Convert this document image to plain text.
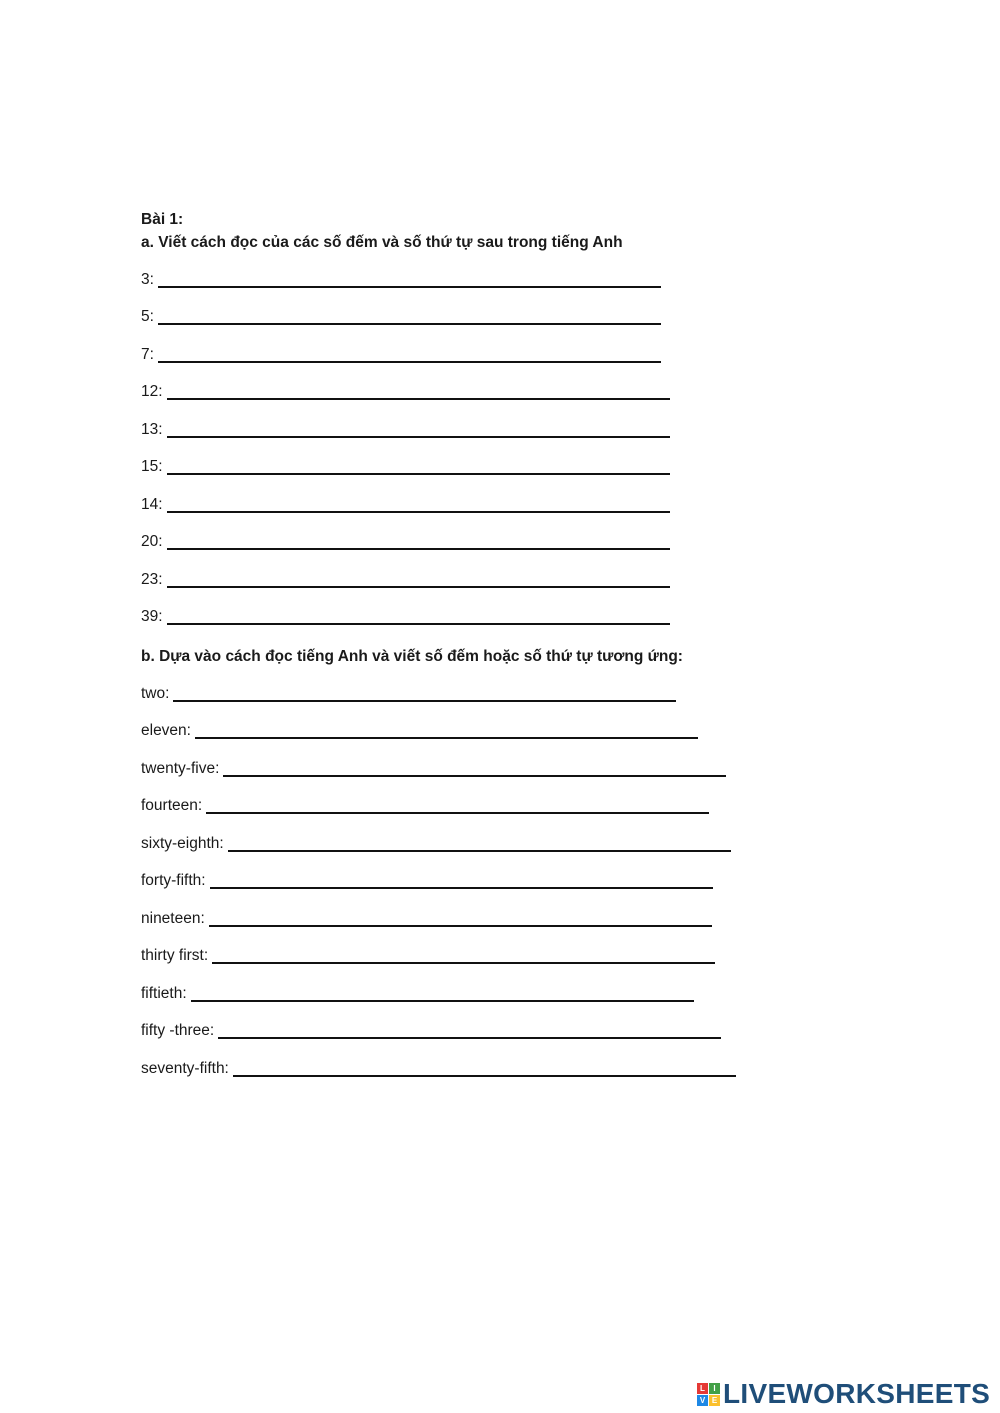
Bài 1:
a. Viết cách đọc của các số đếm và số thứ tự sau trong tiếng Anh
3:
5:
7:
12:
13:
15:
14:
20:
23:
39:
b. Dựa vào cách đọc tiếng Anh và viết số đếm hoặc số thứ tự tương ứng:
two:
eleven:
twenty-five:
fourteen:
sixty-eighth:
forty-fifth:
nineteen:
thirty first:
fiftieth:
fifty -three:
seventy-fifth:
L	I
V E LIVEWORKSHEETS
